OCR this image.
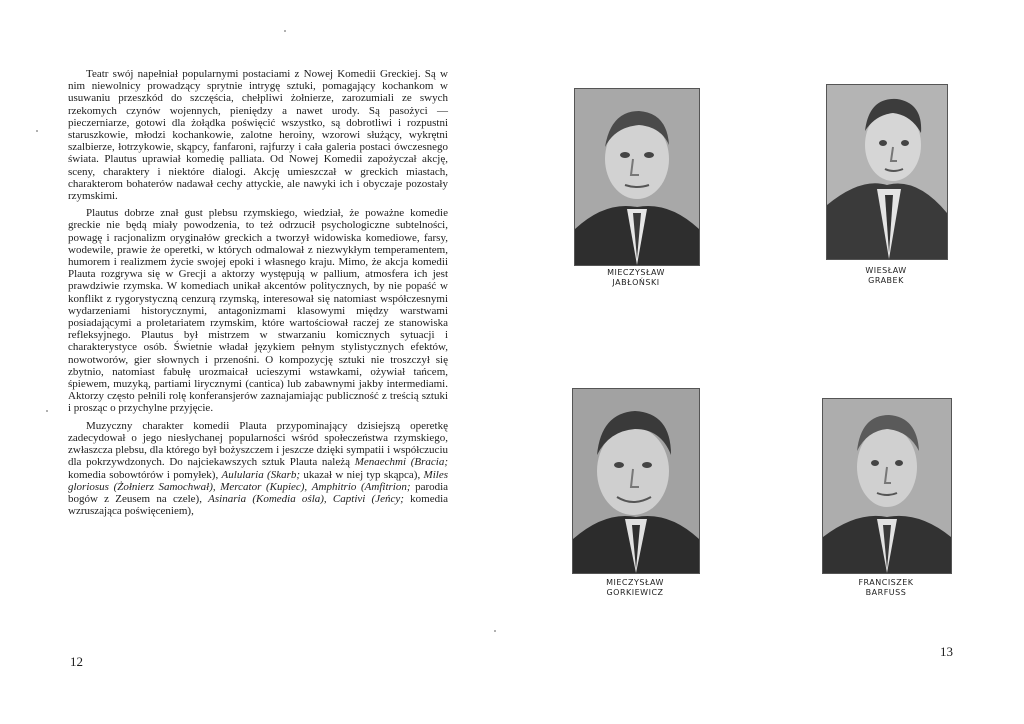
Teatr swój napełniał popularnymi postaciami z Nowej Komedii Greckiej. Są w nim niewolnicy prowadzący sprytnie intrygę sztuki, pomagający kochankom w usuwaniu przeszkód do szczęścia, chełpliwi żołnierze, zarozumiali ze swych rzekomych czynów wojennych, pieniędzy a nawet urody. Są pasożyci — pieczerniarze, gotowi dla żołądka poświęcić wszystko, są dobrotliwi i rozpustni staruszkowie, młodzi kochankowie, zalotne heroiny, wzorowi służący, wykrętni szalbierze, łotrzykowie, skąpcy, fanfaroni, rajfurzy i cała galeria postaci ówczesnego świata. Plautus uprawiał komedię palliata. Od Nowej Komedii zapożyczał akcję, sceny, charaktery i niektóre dialogi. Akcję umieszczał w greckich miastach, charakterom bohaterów nadawał cechy attyckie, ale nawyki ich i obyczaje pozostały rzymskimi.

Plautus dobrze znał gust plebsu rzymskiego, wiedział, że poważne komedie greckie nie będą miały powodzenia, to też odrzucił psychologiczne subtelności, powagę i racjonalizm oryginałów greckich a tworzył widowiska komediowe, farsy, wodewile, prawie że operetki, w których odmalował z niezwykłym temperamentem, humorem i realizmem życie swojej epoki i własnego kraju. Mimo, że akcja komedii Plauta rozgrywa się w Grecji a aktorzy występują w pallium, atmosfera ich jest prawdziwie rzymska. W komediach unikał akcentów politycznych, by nie popaść w konflikt z rygorystyczną cenzurą rzymską, interesował się natomiast współczesnymi wydarzeniami historycznymi, antagonizmami klasowymi między warstwami posiadającymi a proletariatem rzymskim, które wartościował raczej ze stanowiska refleksyjnego. Plautus był mistrzem w stwarzaniu komicznych sytuacji i charakterystyce osób. Świetnie władał językiem pełnym stylistycznych efektów, nowotworów, gier słownych i przenośni. O kompozycję sztuki nie troszczył się zbytnio, natomiast fabułę urozmaicał ucieszymi wstawkami, ożywiał tańcem, śpiewem, muzyką, partiami lirycznymi (cantica) lub zabawnymi jakby intermediami. Aktorzy często pełnili rolę konferansjerów zaznajamiając publiczność z treścią sztuki i prosząc o przychylne przyjęcie.

Muzyczny charakter komedii Plauta przypominający dzisiejszą operetkę zadecydował o jego niesłychanej popularności wśród społeczeństwa rzymskiego, zwłaszcza plebsu, dla którego był bożyszczem i jeszcze dzięki sympatii i współczuciu dla pokrzywdzonych. Do najciekawszych sztuk Plauta należą Menaechmi (Bracia; komedia sobowtórów i pomyłek), Aulularia (Skarb; ukazał w niej typ skąpca), Miles gloriosus (Żołnierz Samochwał), Mercator (Kupiec), Amphitrio (Amfitrion; parodia bogów z Zeusem na czele), Asinaria (Komedia ośla), Captivi (Jeńcy; komedia wzruszająca poświęceniem),

12
MIECZYSŁAW
JABŁOŃSKI
WIESŁAW
GRABEK
MIECZYSŁAW
GORKIEWICZ
FRANCISZEK
BARFUSS
13
